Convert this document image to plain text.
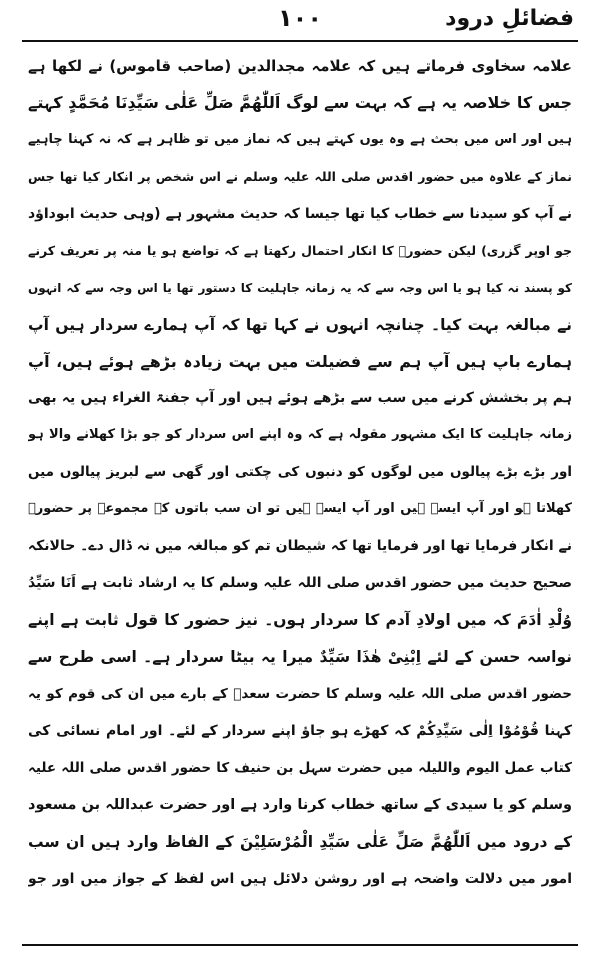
فضائلِ درود
۱۰۰
علامہ سخاوی فرماتے ہیں کہ علامہ مجدالدین (صاحب قاموس) نے لکھا ہے
جس کا خلاصہ یہ ہے کہ بہت سے لوگ اَللّٰھُمَّ صَلِّ عَلٰی سَیِّدِنَا مُحَمَّدٍ کہتے
ہیں اور اس میں بحث ہے وہ یوں کہتے ہیں کہ نماز میں تو ظاہر ہے کہ نہ کہنا چاہیے
نماز کے علاوہ میں حضور اقدس صلی اللہ علیہ وسلم نے اس شخص پر انکار کیا تھا جس
نے آپ کو سیدنا سے خطاب کیا تھا جیسا کہ حدیث مشہور ہے (وہی حدیث ابوداؤد
جو اوپر گزری) لیکن حضورؐ کا انکار احتمال رکھتا ہے کہ تواضع ہو یا منہ پر تعریف کرنے
کو پسند نہ کیا ہو یا اس وجہ سے کہ یہ زمانہ جاہلیت کا دستور تھا یا اس وجہ سے کہ انہوں
نے مبالغہ بہت کیا۔ چنانچہ انہوں نے کہا تھا کہ آپ ہمارے سردار ہیں آپ
ہمارے باپ ہیں آپ ہم سے فضیلت میں بہت زیادہ بڑھے ہوئے ہیں، آپ
ہم پر بخشش کرنے میں سب سے بڑھے ہوئے ہیں اور آپ جفنۃ الغراء ہیں یہ بھی
زمانہ جاہلیت کا ایک مشہور مقولہ ہے کہ وہ اپنے اس سردار کو جو بڑا کھلانے والا ہو
اور بڑے بڑے پیالوں میں لوگوں کو دنبوں کی چکتی اور گھی سے لبریز پیالوں میں
کھلاتا ہو اور آپ ایسے ہیں اور آپ ایسے ہیں تو ان سب باتوں کے مجموعہ پر حضورؐ
نے انکار فرمایا تھا اور فرمایا تھا کہ شیطان تم کو مبالغہ میں نہ ڈال دے۔ حالانکہ
صحیح حدیث میں حضور اقدس صلی اللہ علیہ وسلم کا یہ ارشاد ثابت ہے اَنَا سَیِّدُ
وُلْدِ اٰدَمَ کہ میں اولادِ آدم کا سردار ہوں۔ نیز حضور کا قول ثابت ہے اپنے
نواسہ حسن کے لئے اِبْنِیْ ھٰذَا سَیِّدٌ میرا یہ بیٹا سردار ہے۔ اسی طرح سے
حضور اقدس صلی اللہ علیہ وسلم کا حضرت سعدؓ کے بارے میں ان کی قوم کو یہ
کہنا قُوْمُوْا اِلٰی سَیِّدِکُمْ کہ کھڑے ہو جاؤ اپنے سردار کے لئے۔ اور امام نسائی کی
کتاب عمل الیوم واللیلہ میں حضرت سہل بن حنیف کا حضور اقدس صلی اللہ علیہ
وسلم کو یا سیدی کے ساتھ خطاب کرنا وارد ہے اور حضرت عبداللہ بن مسعود
کے درود میں اَللّٰھُمَّ صَلِّ عَلٰی سَیِّدِ الْمُرْسَلِیْنَ کے الفاظ وارد ہیں ان سب
امور میں دلالت واضحہ ہے اور روشن دلائل ہیں اس لفظ کے جواز میں اور جو
